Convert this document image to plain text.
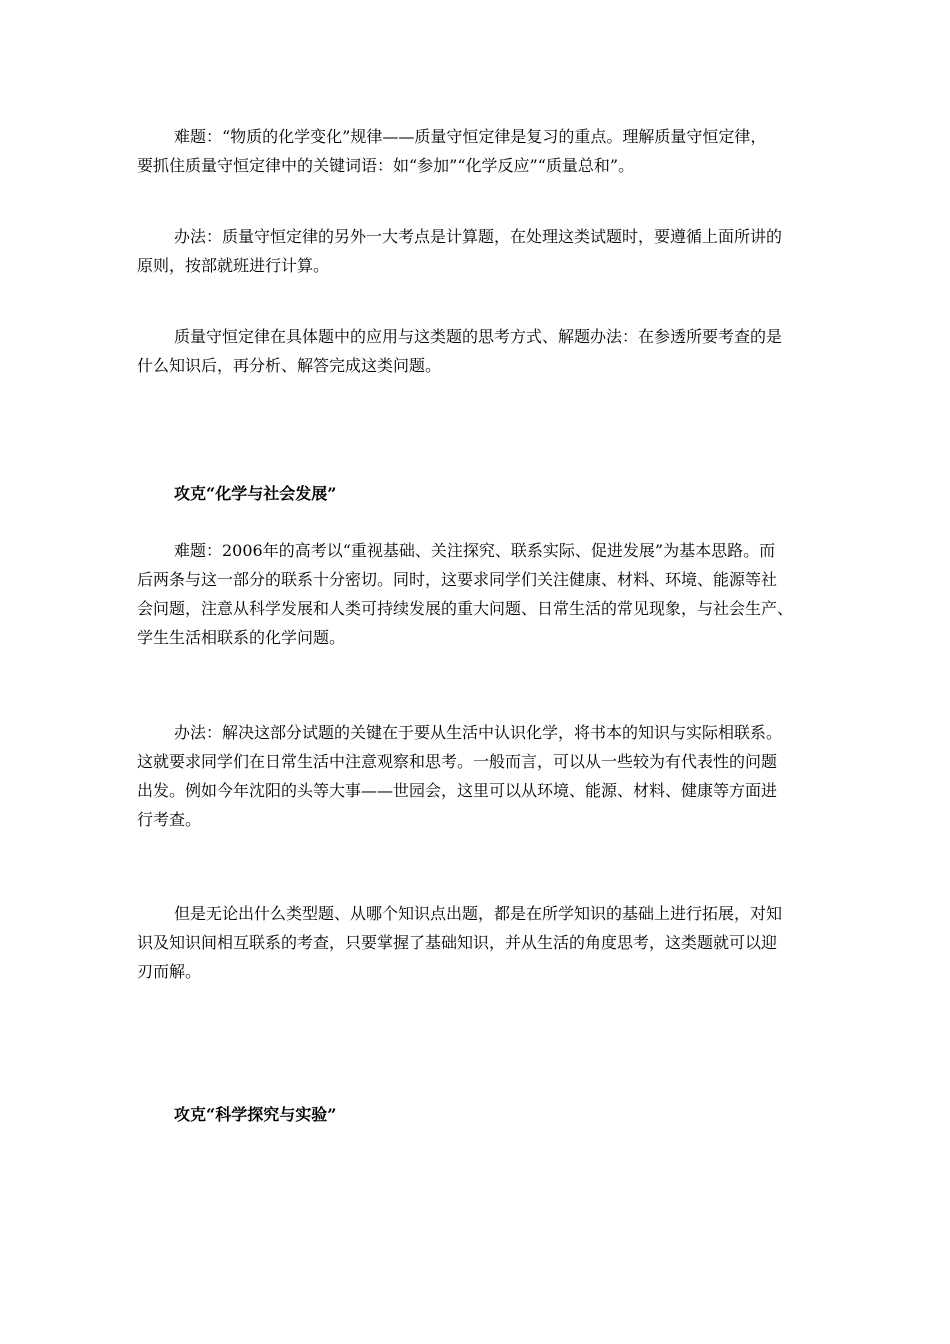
难题：“物质的化学变化”规律——质量守恒定律是复习的重点。理解质量守恒定律，
要抓住质量守恒定律中的关键词语：如“参加”“化学反应”“质量总和”。

办法：质量守恒定律的另外一大考点是计算题，在处理这类试题时，要遵循上面所讲的
原则，按部就班进行计算。

质量守恒定律在具体题中的应用与这类题的思考方式、解题办法：在参透所要考查的是
什么知识后，再分析、解答完成这类问题。

攻克“化学与社会发展”

难题：2006年的高考以“重视基础、关注探究、联系实际、促进发展”为基本思路。而
后两条与这一部分的联系十分密切。同时，这要求同学们关注健康、材料、环境、能源等社
会问题，注意从科学发展和人类可持续发展的重大问题、日常生活的常见现象，与社会生产、
学生生活相联系的化学问题。

办法：解决这部分试题的关键在于要从生活中认识化学，将书本的知识与实际相联系。
这就要求同学们在日常生活中注意观察和思考。一般而言，可以从一些较为有代表性的问题
出发。例如今年沈阳的头等大事——世园会，这里可以从环境、能源、材料、健康等方面进
行考查。

但是无论出什么类型题、从哪个知识点出题，都是在所学知识的基础上进行拓展，对知
识及知识间相互联系的考查，只要掌握了基础知识，并从生活的角度思考，这类题就可以迎
刃而解。

攻克“科学探究与实验”
